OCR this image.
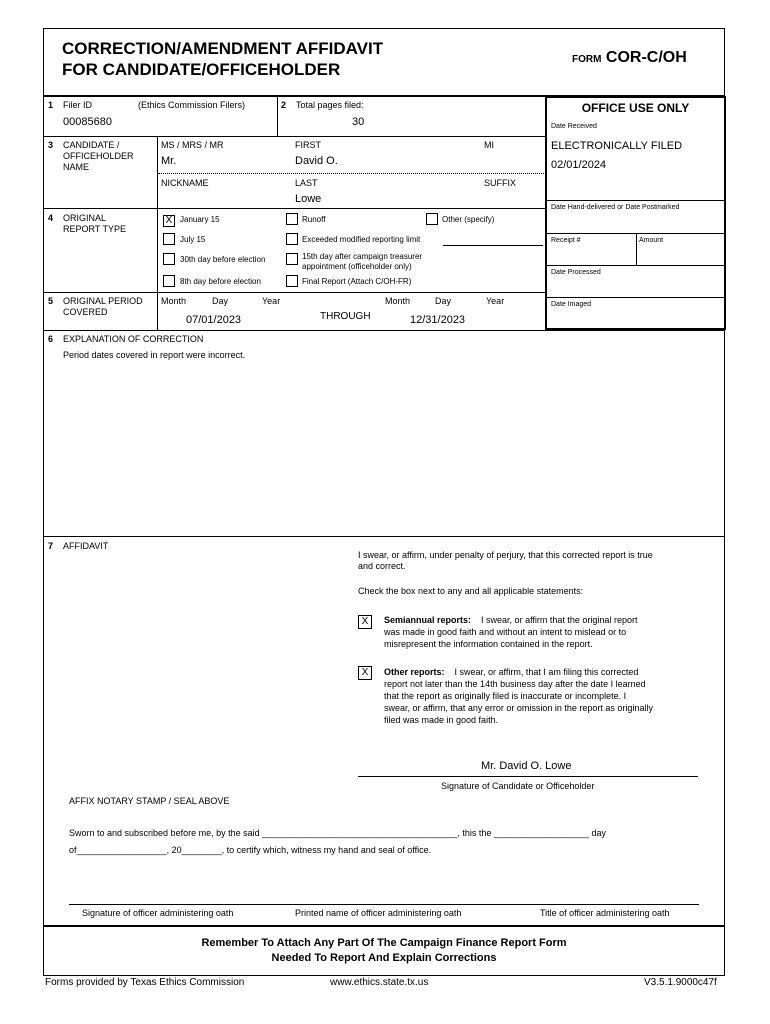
CORRECTION/AMENDMENT AFFIDAVIT
FOR CANDIDATE/OFFICEHOLDER
FORM COR-C/OH
1 Filer ID	(Ethics Commission Filers)
00085680
2 Total pages filed:
30
OFFICE USE ONLY
Date Received
ELECTRONICALLY FILED
02/01/2024
Date Hand-delivered or Date Postmarked
Receipt #	Amount
Date Processed
Date Imaged
3 CANDIDATE /
OFFICEHOLDER
NAME
MS / MRS / MR
Mr.
FIRST
David O.
MI
NICKNAME	LAST
Lowe
SUFFIX
4 ORIGINAL
REPORT TYPE
X January 15
July 15
30th day before election
8th day before election
Runoff
Exceeded modified reporting limit
15th day after campaign treasurer
appointment (officeholder only)
Final Report (Attach C/OH-FR)
Other (specify)
5 ORIGINAL PERIOD
COVERED
Month	Day	Year
07/01/2023	THROUGH
Month	Day	Year
12/31/2023
6 EXPLANATION OF CORRECTION
Period dates covered in report were incorrect.
7 AFFIDAVIT
I swear, or affirm, under penalty of perjury, that this corrected report is true
and correct.
Check the box next to any and all applicable statements:
X	Semiannual reports: I swear, or affirm that the original report
was made in good faith and without an intent to mislead or to
misrepresent the information contained in the report.
X	Other reports: I swear, or affirm, that I am filing this corrected
report not later than the 14th business day after the date I learned
that the report as originally filed is inaccurate or incomplete. I
swear, or affirm, that any error or omission in the report as originally
filed was made in good faith.
Mr. David O. Lowe
Signature of Candidate or Officeholder
AFFIX NOTARY STAMP / SEAL ABOVE
Sworn to and subscribed before me, by the said _______________________________________, this the ___________________ day
of__________________, 20________, to certify which, witness my hand and seal of office.
Signature of officer administering oath	Printed name of officer administering oath	Title of officer administering oath
Remember To Attach Any Part Of The Campaign Finance Report Form
Needed To Report And Explain Corrections
Forms provided by Texas Ethics Commission	www.ethics.state.tx.us	V3.5.1.9000c47f
